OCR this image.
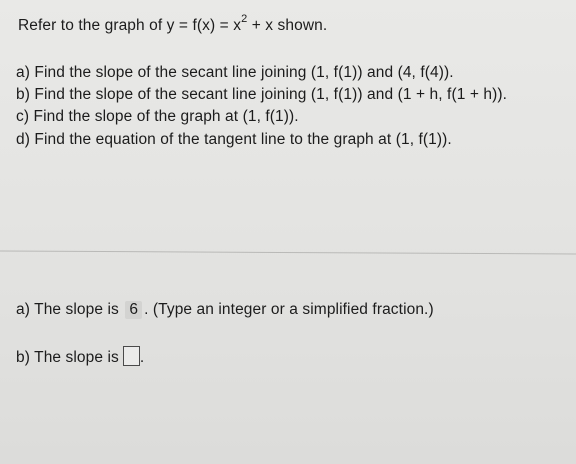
Refer to the graph of $y = f(x) = x^2 + x$ shown.
a) Find the slope of the secant line joining (1, f(1)) and (4, f(4)).
b) Find the slope of the secant line joining (1, f(1)) and (1 + h, f(1 + h)).
c) Find the slope of the graph at (1, f(1)).
d) Find the equation of the tangent line to the graph at (1, f(1)).
a) The slope is 6 . (Type an integer or a simplified fraction.)
b) The slope is .
